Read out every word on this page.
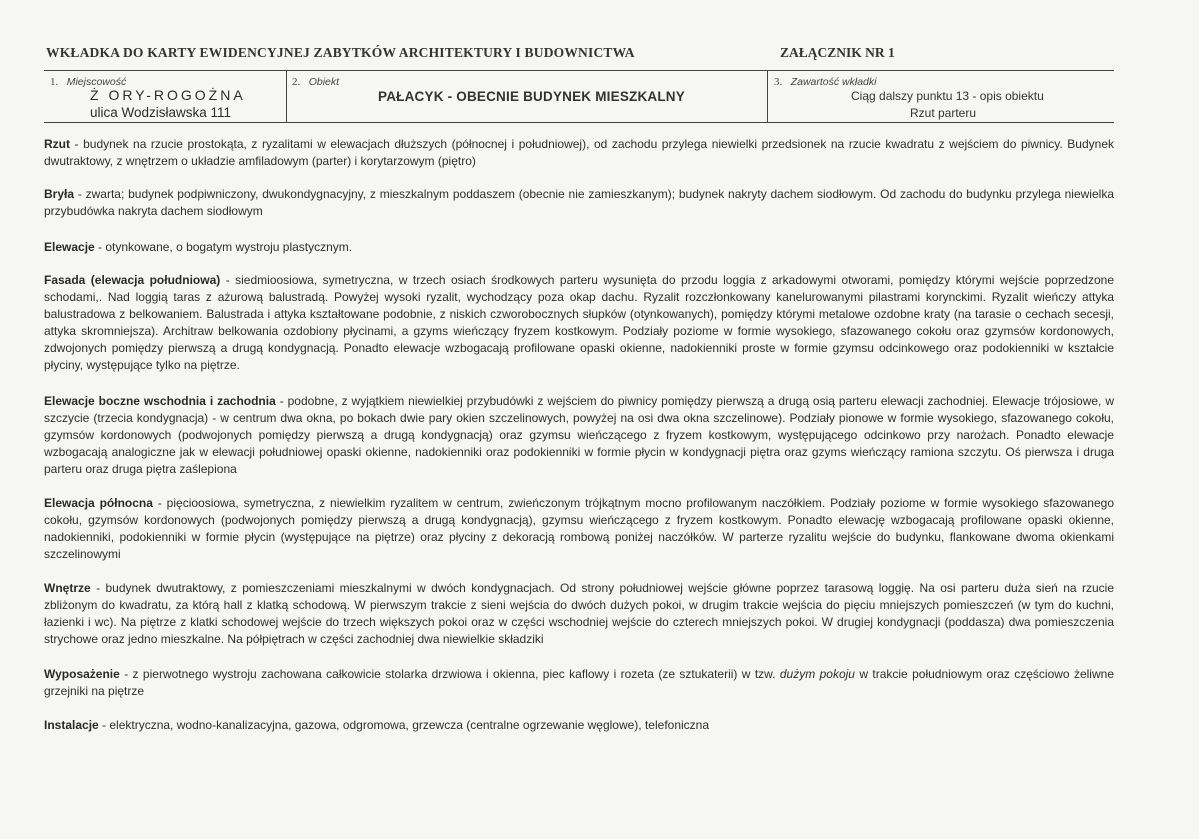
WKŁADKA DO KARTY EWIDENCYJNEJ ZABYTKÓW ARCHITEKTURY I BUDOWNICTWA	ZAŁĄCZNIK NR 1
1. Miejscowość
Ż ORY-ROGOŻNA
ulica Wodzisławska 111
2. Obiekt
PAŁACYK - OBECNIE BUDYNEK MIESZKALNY
3. Zawartość wkładki
Ciąg dalszy punktu 13 - opis obiektu
Rzut parteru

Rzut - budynek na rzucie prostokąta, z ryzalitami w elewacjach dłuższych (północnej i południowej), od zachodu przylega niewielki przedsionek na rzucie kwadratu z wejściem do piwnicy. Budynek dwutraktowy, z wnętrzem o układzie amfiladowym (parter) i korytarzowym (piętro)

Bryła - zwarta; budynek podpiwniczony, dwukondygnacyjny, z mieszkalnym poddaszem (obecnie nie zamieszkanym); budynek nakryty dachem siodłowym. Od zachodu do budynku przylega niewielka przybudówka nakryta dachem siodłowym

Elewacje - otynkowane, o bogatym wystroju plastycznym.

Fasada (elewacja południowa) - siedmioosiowa, symetryczna, w trzech osiach środkowych parteru wysunięta do przodu loggia z arkadowymi otworami, pomiędzy którymi wejście poprzedzone schodami,. Nad loggią taras z ażurową balustradą. Powyżej wysoki ryzalit, wychodzący poza okap dachu. Ryzalit rozczłonkowany kanelurowanymi pilastrami korynckimi. Ryzalit wieńczy attyka balustradowa z belkowaniem. Balustrada i attyka kształtowane podobnie, z niskich czworobocznych słupków (otynkowanych), pomiędzy którymi metalowe ozdobne kraty (na tarasie o cechach secesji, attyka skromniejsza). Architraw belkowania ozdobiony płycinami, a gzyms wieńczący fryzem kostkowym. Podziały poziome w formie wysokiego, sfazowanego cokołu oraz gzymsów kordonowych, zdwojonych pomiędzy pierwszą a drugą kondygnacją. Ponadto elewacje wzbogacają profilowane opaski okienne, nadokienniki proste w formie gzymsu odcinkowego oraz podokienniki w kształcie płyciny, występujące tylko na piętrze.

Elewacje boczne wschodnia i zachodnia - podobne, z wyjątkiem niewielkiej przybudówki z wejściem do piwnicy pomiędzy pierwszą a drugą osią parteru elewacji zachodniej. Elewacje trójosiowe, w szczycie (trzecia kondygnacja) - w centrum dwa okna, po bokach dwie pary okien szczelinowych, powyżej na osi dwa okna szczelinowe). Podziały pionowe w formie wysokiego, sfazowanego cokołu, gzymsów kordonowych (podwojonych pomiędzy pierwszą a drugą kondygnacją) oraz gzymsu wieńczącego z fryzem kostkowym, występującego odcinkowo przy narożach. Ponadto elewacje wzbogacają analogiczne jak w elewacji południowej opaski okienne, nadokienniki oraz podokienniki w formie płycin w kondygnacji piętra oraz gzyms wieńczący ramiona szczytu. Oś pierwsza i druga parteru oraz druga piętra zaślepiona

Elewacja północna - pięcioosiowa, symetryczna, z niewielkim ryzalitem w centrum, zwieńczonym trójkątnym mocno profilowanym naczółkiem. Podziały poziome w formie wysokiego sfazowanego cokołu, gzymsów kordonowych (podwojonych pomiędzy pierwszą a drugą kondygnacją), gzymsu wieńczącego z fryzem kostkowym. Ponadto elewację wzbogacają profilowane opaski okienne, nadokienniki, podokienniki w formie płycin (występujące na piętrze) oraz płyciny z dekoracją rombową poniżej naczółków. W parterze ryzalitu wejście do budynku, flankowane dwoma okienkami szczelinowymi

Wnętrze - budynek dwutraktowy, z pomieszczeniami mieszkalnymi w dwóch kondygnacjach. Od strony południowej wejście główne poprzez tarasową loggię. Na osi parteru duża sień na rzucie zbliżonym do kwadratu, za którą hall z klatką schodową. W pierwszym trakcie z sieni wejścia do dwóch dużych pokoi, w drugim trakcie wejścia do pięciu mniejszych pomieszczeń (w tym do kuchni, łazienki i wc). Na piętrze z klatki schodowej wejście do trzech większych pokoi oraz w części wschodniej wejście do czterech mniejszych pokoi. W drugiej kondygnacji (poddasza) dwa pomieszczenia strychowe oraz jedno mieszkalne. Na półpiętrach w części zachodniej dwa niewielkie składziki

Wyposażenie - z pierwotnego wystroju zachowana całkowicie stolarka drzwiowa i okienna, piec kaflowy i rozeta (ze sztukaterii) w tzw. dużym pokoju w trakcie południowym oraz częściowo żeliwne grzejniki na piętrze

Instalacje - elektryczna, wodno-kanalizacyjna, gazowa, odgromowa, grzewcza (centralne ogrzewanie węglowe), telefoniczna
